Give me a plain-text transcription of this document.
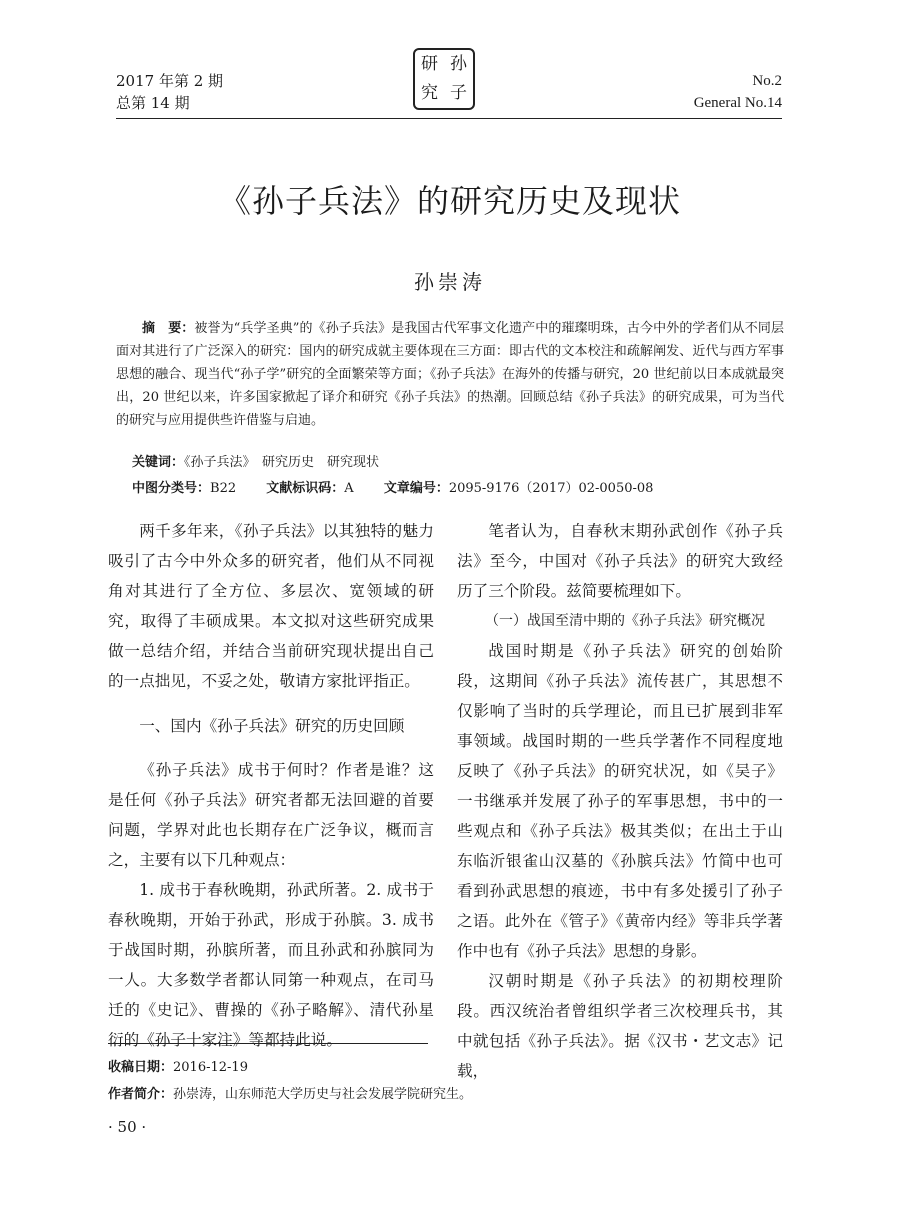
2017 年第 2 期
总第 14 期
研 孙
究 子
No.2
General No.14
《孙子兵法》的研究历史及现状
孙崇涛
摘　要：被誉为“兵学圣典”的《孙子兵法》是我国古代军事文化遗产中的璀璨明珠，古今中外的学者们从不同层面对其进行了广泛深入的研究：国内的研究成就主要体现在三方面：即古代的文本校注和疏解阐发、近代与西方军事思想的融合、现当代“孙子学”研究的全面繁荣等方面；《孙子兵法》在海外的传播与研究，20 世纪前以日本成就最突出，20 世纪以来，许多国家掀起了译介和研究《孙子兵法》的热潮。回顾总结《孙子兵法》的研究成果，可为当代的研究与应用提供些许借鉴与启迪。
关键词：《孙子兵法》　研究历史　研究现状
中图分类号：B22 文献标识码：A 文章编号：2095-9176（2017）02-0050-08

两千多年来，《孙子兵法》以其独特的魅力吸引了古今中外众多的研究者，他们从不同视角对其进行了全方位、多层次、宽领域的研究，取得了丰硕成果。本文拟对这些研究成果做一总结介绍，并结合当前研究现状提出自己的一点拙见，不妥之处，敬请方家批评指正。

一、国内《孙子兵法》研究的历史回顾

《孙子兵法》成书于何时？作者是谁？这是任何《孙子兵法》研究者都无法回避的首要问题，学界对此也长期存在广泛争议，概而言之，主要有以下几种观点：

1. 成书于春秋晚期，孙武所著。2. 成书于春秋晚期，开始于孙武，形成于孙膑。3. 成书于战国时期，孙膑所著，而且孙武和孙膑同为一人。大多数学者都认同第一种观点，在司马迁的《史记》、曹操的《孙子略解》、清代孙星衍的《孙子十家注》等都持此说。

笔者认为，自春秋末期孙武创作《孙子兵法》至今，中国对《孙子兵法》的研究大致经历了三个阶段。兹简要梳理如下。

（一）战国至清中期的《孙子兵法》研究概况

战国时期是《孙子兵法》研究的创始阶段，这期间《孙子兵法》流传甚广，其思想不仅影响了当时的兵学理论，而且已扩展到非军事领域。战国时期的一些兵学著作不同程度地反映了《孙子兵法》的研究状况，如《吴子》一书继承并发展了孙子的军事思想，书中的一些观点和《孙子兵法》极其类似；在出土于山东临沂银雀山汉墓的《孙膑兵法》竹简中也可看到孙武思想的痕迹，书中有多处援引了孙子之语。此外在《管子》《黄帝内经》等非兵学著作中也有《孙子兵法》思想的身影。

汉朝时期是《孙子兵法》的初期校理阶段。西汉统治者曾组织学者三次校理兵书，其中就包括《孙子兵法》。据《汉书・艺文志》记载，

收稿日期：2016-12-19
作者简介：孙崇涛，山东师范大学历史与社会发展学院研究生。
· 50 ·
